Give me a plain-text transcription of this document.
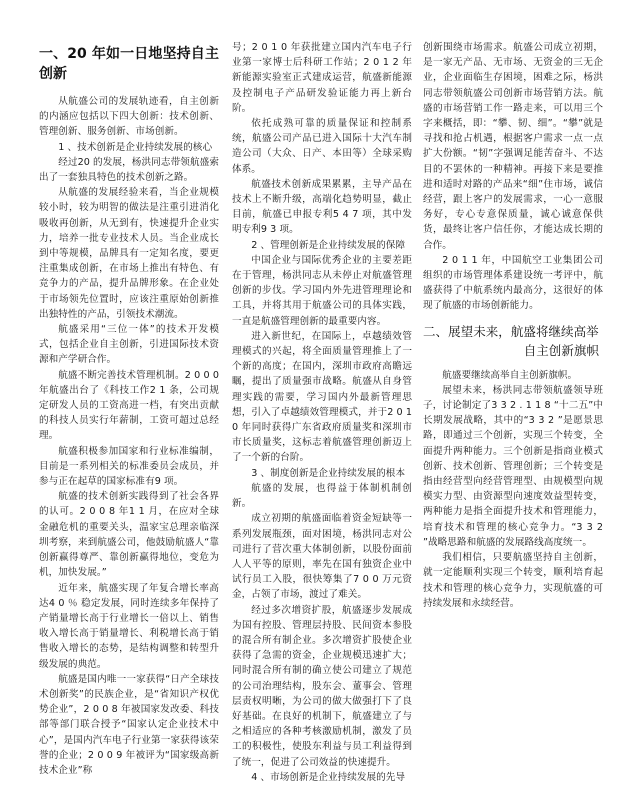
一、20 年如一日地坚持自主创新

从航盛公司的发展轨迹看，自主创新的内涵应包括以下四大创新：技术创新、管理创新、服务创新、市场创新。

1 、技术创新是企业持续发展的核心

经过20 的发展，杨洪同志带领航盛索出了一套独具特色的技术创新之路。

从航盛的发展经验来看，当企业规模较小时，较为明智的做法是注重引进消化吸收再创新，从无到有，快速提升企业实力，培养一批专业技术人员。当企业成长到中等规模，品牌具有一定知名度，要更注重集成创新，在市场上推出有特色、有竞争力的产品，提升品牌形象。在企业处于市场领先位置时，应该注重原始创新推出独特性的产品，引领技术潮流。

航盛采用“三位一体”的技术开发模式，包括企业自主创新，引进国际技术资源和产学研合作。

航盛不断完善技术管理机制。2 0 0 0 年航盛出台了《科技工作2 1 条，公司规定研发人员的工资高进一档，有突出贡献的科技人员实行年薪制，工资可超过总经理。

航盛积极参加国家和行业标准编制，目前是一系列相关的标准委员会成员，并参与正在起草的国家标准有9 项。

航盛的技术创新实践得到了社会各界的认可。2 0 0 8 年1 1 月，在应对全球金融危机的重要关头，温家宝总理亲临深圳考察，来到航盛公司，他鼓励航盛人“靠创新赢得尊严、靠创新赢得地位，变危为机，加快发展。”

近年来，航盛实现了年复合增长率高达4 0 ％ 稳定发展，同时连续多年保持了产销量增长高于行业增长一倍以上、销售收入增长高于销量增长、利税增长高于销售收入增长的态势，是结构调整和转型升级发展的典范。

航盛是国内唯一一家获得“日产全球技术创新奖”的民族企业，是“省知识产权优势企业”，2 0 0 8 年被国家发改委、科技部等部门联合授予“国家认定企业技术中心”，是国内汽车电子行业第一家获得该荣誉的企业；2 0 0 9 年被评为“国家级高新技术企业”称

号；2 0 1 0 年获批建立国内汽车电子行业第一家博士后科研工作站；2 0 1 2 年新能源实验室正式建成运营，航盛新能源及控制电子产品研发验证能力再上新台阶。

依托成熟可靠的质量保证和控制系统，航盛公司产品已进入国际十大汽车制造公司（大众、日产、本田等）全球采购体系。

航盛技术创新成果累累，主导产品在技术上不断升级，高端化趋势明显，截止目前，航盛已申报专利5 4 7 项，其中发明专利9 3 项。

2 、管理创新是企业持续发展的保障

中国企业与国际优秀企业的主要差距在于管理，杨洪同志从未停止对航盛管理创新的步伐。学习国内外先进管理理论和工具，并将其用于航盛公司的具体实践，一直是航盛管理创新的最重要内容。

进入新世纪，在国际上，卓越绩效管理模式的兴起，将全面质量管理推上了一个新的高度；在国内，深圳市政府高瞻远瞩，提出了质量强市战略。航盛从自身管理实践的需要，学习国内外最新管理思想，引入了卓越绩效管理模式，并于2 0 1 0 年同时获得广东省政府质量奖和深圳市市长质量奖，这标志着航盛管理创新迈上了一个新的台阶。

3 、制度创新是企业持续发展的根本

航盛的发展，也得益于体制机制创新。

成立初期的航盛面临着资金短缺等一系列发展瓶颈，面对困境，杨洪同志对公司进行了营次重大体制创新，以股份面前人人平等的原则，率先在国有独资企业中试行员工入股，很快筹集了7 0 0 万元资金，占领了市场，渡过了难关。

经过多次增资扩股，航盛逐步发展成为国有控股、管理层持股、民间资本参股的混合所有制企业。多次增资扩股使企业获得了急需的资金，企业规模迅速扩大；同时混合所有制的确立使公司建立了规范的公司治理结构，股东会、董事会、管理层责权明晰，为公司的做大做强打下了良好基础。在良好的机制下，航盛建立了与之相适应的各种考核激励机制，激发了员工的积极性，使股东利益与员工利益得到了统一，促进了公司效益的快速提升。

4 、市场创新是企业持续发展的先导

创新围绕市场需求。航盛公司成立初期，是一家无产品、无市场、无资金的三无企业，企业面临生存困境，困难之际，杨洪同志带领航盛公司创新市场营销方法。航盛的市场营销工作一路走来，可以用三个字来概括，即：“攀、韧、细”。“攀”就是寻找和抢占机遇，根据客户需求一点一点扩大份额。“韧”字强调足能苦奋斗、不达目的不罢休的一种精神。再接下来是要推进和适时对路的产品来“细”住市场，诚信经营，跟上客户的发展需求，一心一意服务好，专心专意保质量，诚心诚意保供货，最终让客户信任你，才能达成长期的合作。

2 0 1 1 年，中国航空工业集团公司组织的市场管理体系建设统一考评中，航盛获得了中航系统内最高分，这很好的体现了航盛的市场创新能力。

二、展望未来，航盛将继续高举
自主创新旗帜

航盛要继续高举自主创新旗帜。

展望未来，杨洪同志带领航盛领导班子，讨论制定了3 3 2 . 1 1 8 “十二五”中长期发展战略，其中的“3 3 2 ”是愿景思路，即通过三个创新，实现三个转变，全面提升两种能力。三个创新是指商业模式创新、技术创新、管理创新；三个转变是指由经营型向经营管理型、由规模型向规模实力型、由资源型向速度效益型转变，两种能力是指全面提升技术和管理能力，培育技术和管理的核心竞争力。“3 3 2 ”战略思路和航盛的发展路线高度统一。

我们相信，只要航盛坚持自主创新，就一定能顺利实现三个转变，顺利培育起技术和管理的核心竞争力，实现航盛的可持续发展和永续经营。
